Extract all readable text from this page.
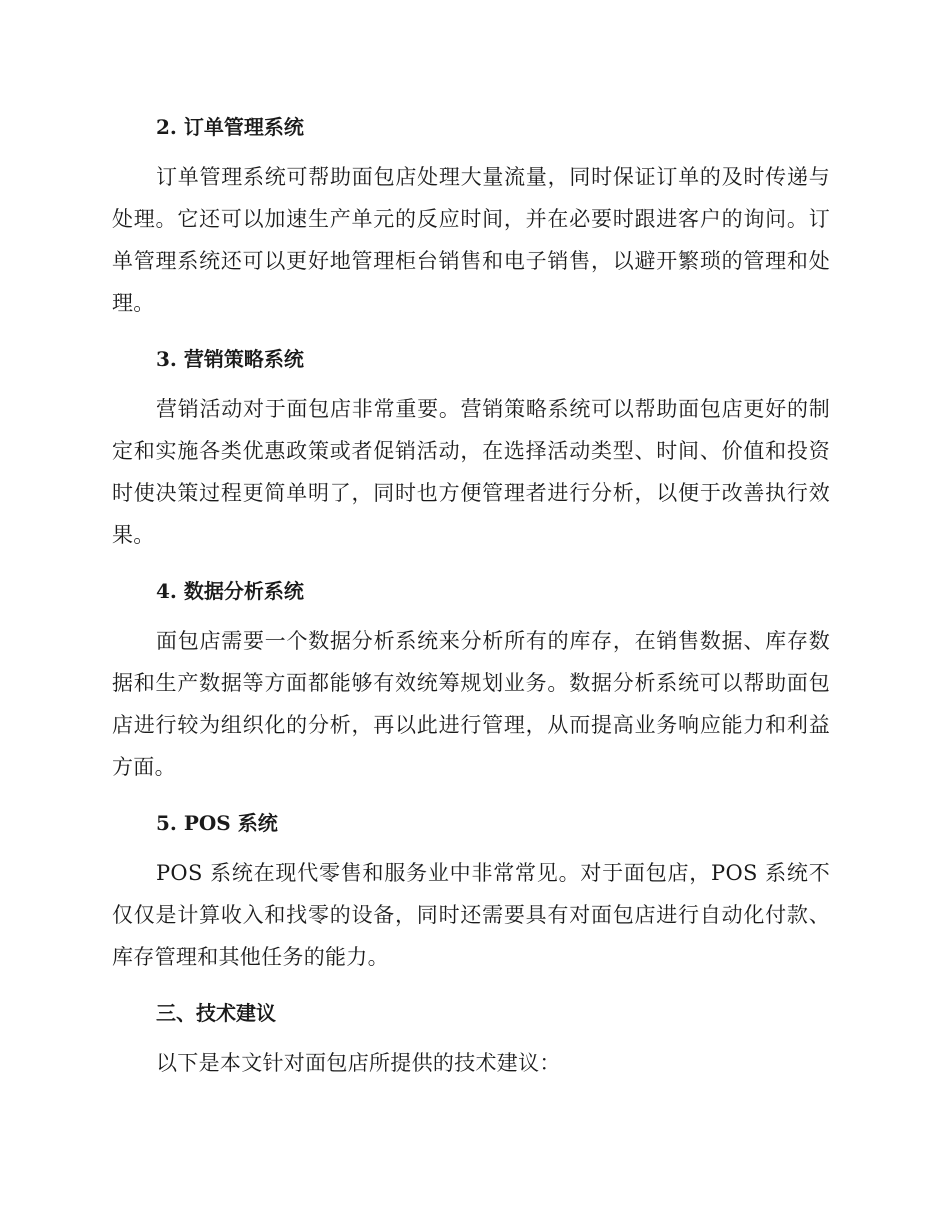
2. 订单管理系统

订单管理系统可帮助面包店处理大量流量，同时保证订单的及时传递与处理。它还可以加速生产单元的反应时间，并在必要时跟进客户的询问。订单管理系统还可以更好地管理柜台销售和电子销售，以避开繁琐的管理和处理。

3. 营销策略系统

营销活动对于面包店非常重要。营销策略系统可以帮助面包店更好的制定和实施各类优惠政策或者促销活动，在选择活动类型、时间、价值和投资时使决策过程更简单明了，同时也方便管理者进行分析，以便于改善执行效果。

4. 数据分析系统

面包店需要一个数据分析系统来分析所有的库存，在销售数据、库存数据和生产数据等方面都能够有效统筹规划业务。数据分析系统可以帮助面包店进行较为组织化的分析，再以此进行管理，从而提高业务响应能力和利益方面。

5. POS 系统

POS 系统在现代零售和服务业中非常常见。对于面包店，POS 系统不仅仅是计算收入和找零的设备，同时还需要具有对面包店进行自动化付款、库存管理和其他任务的能力。

三、技术建议

以下是本文针对面包店所提供的技术建议：
